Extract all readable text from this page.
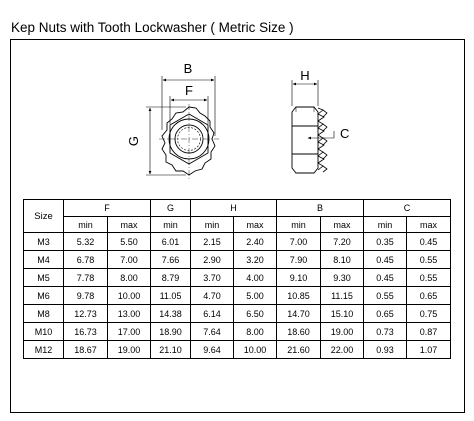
Kep Nuts with Tooth Lockwasher ( Metric Size )
B
F
G
H
C
Size	F		G	H		B		C	
	min	max	min	min	max	min	max	min	max
M3	5.32	5.50	6.01	2.15	2.40	7.00	7.20	0.35	0.45
M4	6.78	7.00	7.66	2.90	3.20	7.90	8.10	0.45	0.55
M5	7.78	8.00	8.79	3.70	4.00	9.10	9.30	0.45	0.55
M6	9.78	10.00	11.05	4.70	5.00	10.85	11.15	0.55	0.65
M8	12.73	13.00	14.38	6.14	6.50	14.70	15.10	0.65	0.75
M10	16.73	17.00	18.90	7.64	8.00	18.60	19.00	0.73	0.87
M12	18.67	19.00	21.10	9.64	10.00	21.60	22.00	0.93	1.07
